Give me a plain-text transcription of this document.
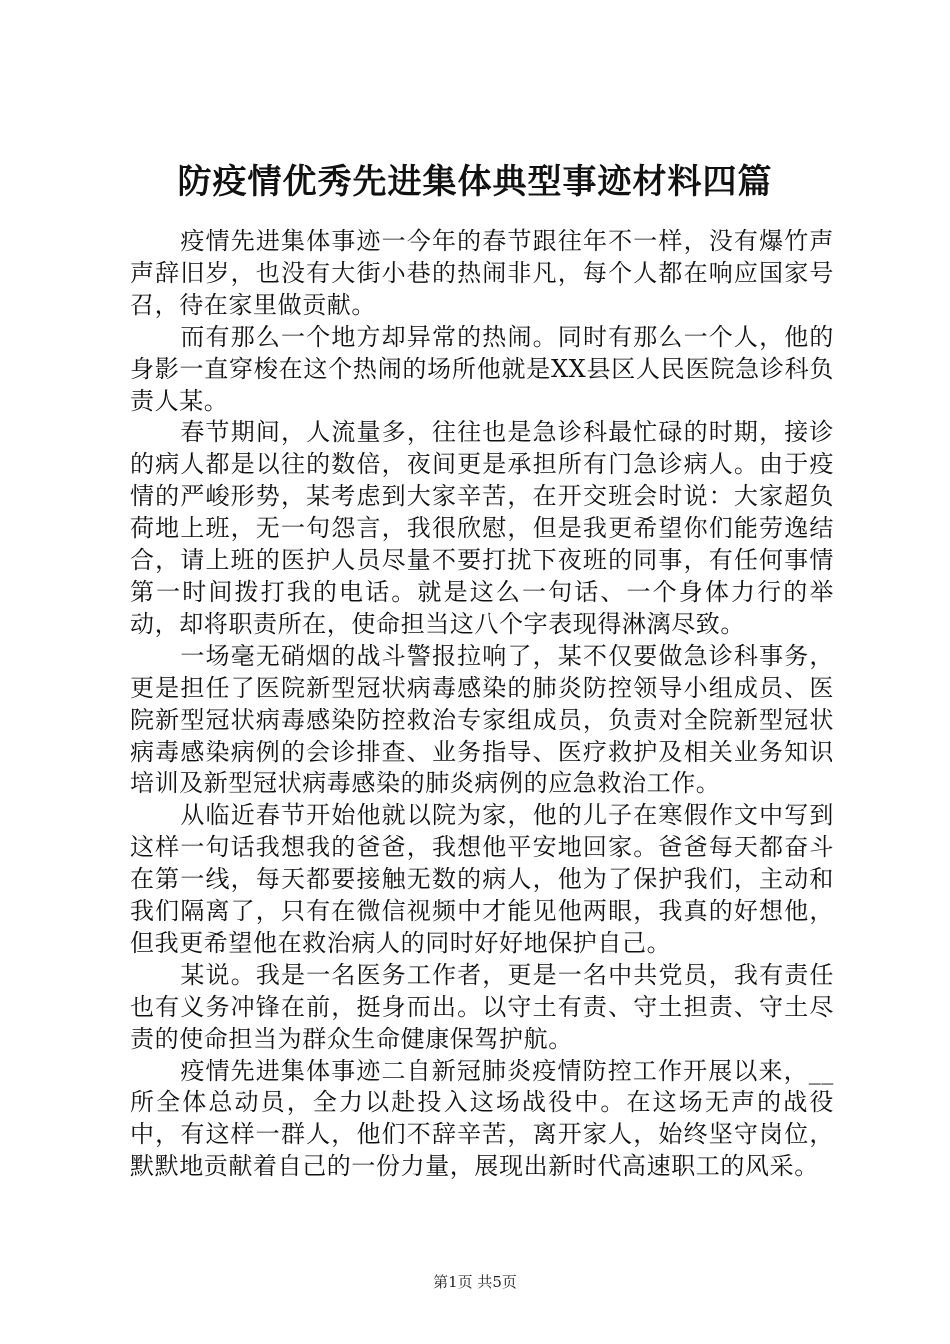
防疫情优秀先进集体典型事迹材料四篇

疫情先进集体事迹一今年的春节跟往年不一样，没有爆竹声声辞旧岁，也没有大街小巷的热闹非凡，每个人都在响应国家号召，待在家里做贡献。

而有那么一个地方却异常的热闹。同时有那么一个人，他的身影一直穿梭在这个热闹的场所他就是XX县区人民医院急诊科负责人某。

春节期间，人流量多，往往也是急诊科最忙碌的时期，接诊的病人都是以往的数倍，夜间更是承担所有门急诊病人。由于疫情的严峻形势，某考虑到大家辛苦，在开交班会时说：大家超负荷地上班，无一句怨言，我很欣慰，但是我更希望你们能劳逸结合，请上班的医护人员尽量不要打扰下夜班的同事，有任何事情第一时间拨打我的电话。就是这么一句话、一个身体力行的举动，却将职责所在，使命担当这八个字表现得淋漓尽致。

一场毫无硝烟的战斗警报拉响了，某不仅要做急诊科事务，更是担任了医院新型冠状病毒感染的肺炎防控领导小组成员、医院新型冠状病毒感染防控救治专家组成员，负责对全院新型冠状病毒感染病例的会诊排查、业务指导、医疗救护及相关业务知识培训及新型冠状病毒感染的肺炎病例的应急救治工作。

从临近春节开始他就以院为家，他的儿子在寒假作文中写到这样一句话我想我的爸爸，我想他平安地回家。爸爸每天都奋斗在第一线，每天都要接触无数的病人，他为了保护我们，主动和我们隔离了，只有在微信视频中才能见他两眼，我真的好想他，但我更希望他在救治病人的同时好好地保护自己。

某说。我是一名医务工作者，更是一名中共党员，我有责任也有义务冲锋在前，挺身而出。以守土有责、守土担责、守土尽责的使命担当为群众生命健康保驾护航。

疫情先进集体事迹二自新冠肺炎疫情防控工作开展以来，__所全体总动员，全力以赴投入这场战役中。在这场无声的战役中，有这样一群人，他们不辞辛苦，离开家人，始终坚守岗位，默默地贡献着自己的一份力量，展现出新时代高速职工的风采。

第1页 共5页
